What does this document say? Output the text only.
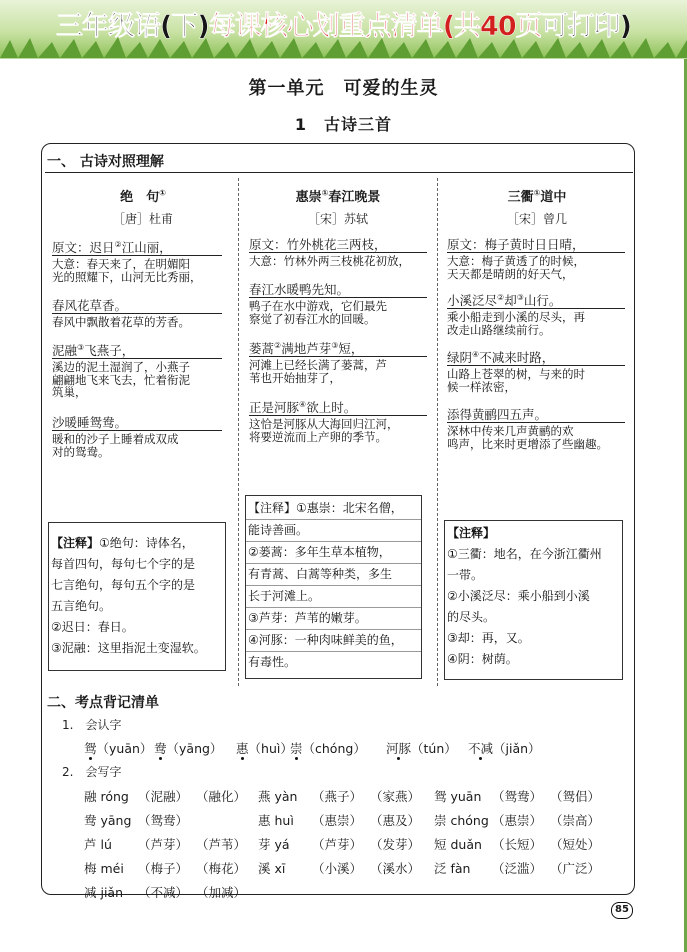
三年级语(下)每课核心划重点清单(共40页可打印)
第一单元　可爱的生灵
1　古诗三首
一、 古诗对照理解
绝　句①
［唐］杜甫
原文：迟日②江山丽，
大意：春天来了，在明媚阳
光的照耀下，山河无比秀丽，
春风花草香。
春风中飘散着花草的芳香。
泥融③飞燕子，
溪边的泥土湿润了，小燕子
翩翩地飞来飞去，忙着衔泥
筑巢，
沙暖睡鸳鸯。
暖和的沙子上睡着成双成
对的鸳鸯。
【注释】①绝句：诗体名，
每首四句，每句七个字的是
七言绝句，每句五个字的是
五言绝句。
②迟日：春日。
③泥融：这里指泥土变湿软。
惠崇①春江晚景
［宋］苏轼
原文：竹外桃花三两枝，
大意：竹林外两三枝桃花初放，
春江水暖鸭先知。
鸭子在水中游戏，它们最先
察觉了初春江水的回暖。
蒌蒿②满地芦芽③短，
河滩上已经长满了蒌蒿，芦
苇也开始抽芽了，
正是河豚④欲上时。
这恰是河豚从大海回归江河，
将要逆流而上产卵的季节。
【注释】①惠崇：北宋名僧，
能诗善画。
②蒌蒿：多年生草本植物，
有青蒿、白蒿等种类，多生
长于河滩上。
③芦芽：芦苇的嫩芽。
④河豚：一种肉味鲜美的鱼，
有毒性。
三衢①道中
［宋］曾几
原文：梅子黄时日日晴，
大意：梅子黄透了的时候，
天天都是晴朗的好天气，
小溪泛尽②却③山行。
乘小船走到小溪的尽头，再
改走山路继续前行。
绿阴④不减来时路，
山路上苍翠的树，与来的时
候一样浓密，
添得黄鹂四五声。
深林中传来几声黄鹂的欢
鸣声，比来时更增添了些幽趣。
【注释】
①三衢：地名，在今浙江衢州
一带。
②小溪泛尽：乘小船到小溪
的尽头。
③却：再，又。
④阴：树荫。
二、考点背记清单
1.　会认字
鸳（yuān） 鸯（yāng） 惠（huì）
崇（chóng） 河豚（tún） 不减（jiǎn）
2.　会写字
融 róng （泥融） （融化） 燕 yàn （燕子） （家燕） 鸳 yuān （鸳鸯） （鸳侣）
鸯 yāng （鸳鸯）	惠 huì （惠崇） （惠及） 崇 chóng （惠崇） （崇高）
芦 lú （芦芽） （芦苇） 芽 yá （芦芽） （发芽） 短 duǎn （长短） （短处）
梅 méi （梅子） （梅花） 溪 xī （小溪） （溪水） 泛 fàn （泛滥） （广泛）
减 jiǎn （不减） （加减）
85
